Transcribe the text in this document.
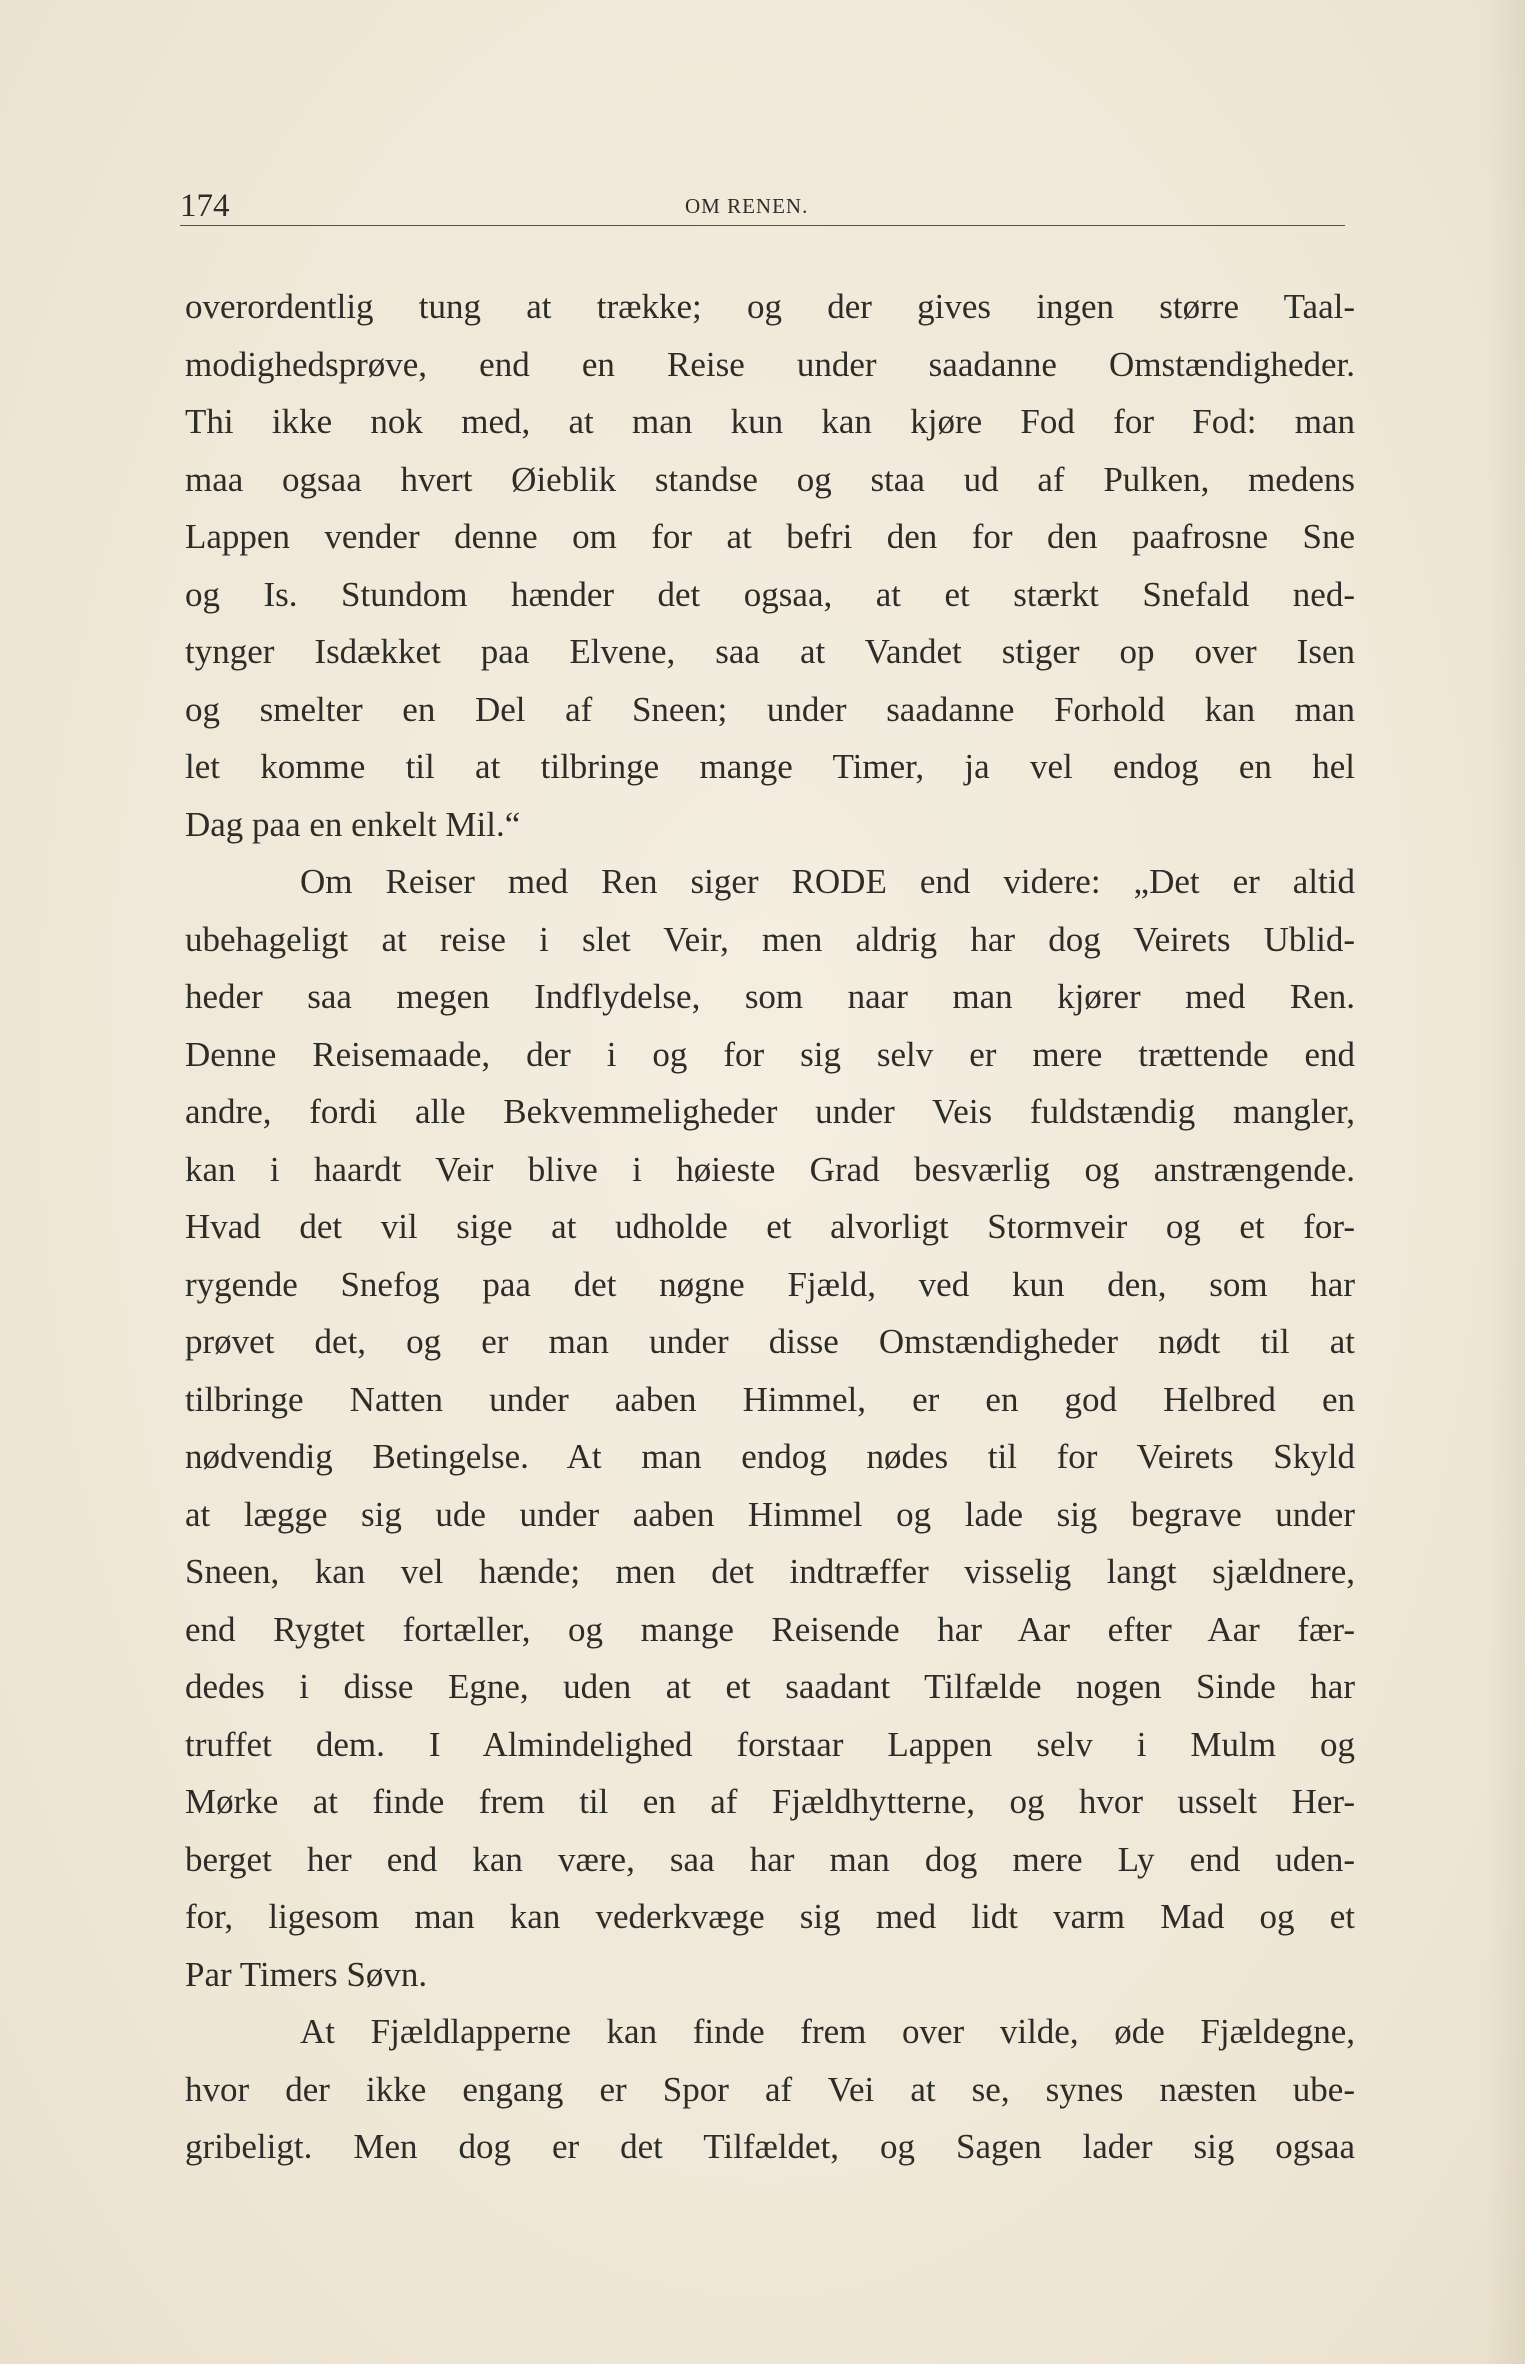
174	OM RENEN.
overordentlig tung at trække; og der gives ingen større Taal-
modighedsprøve, end en Reise under saadanne Omstændigheder.
Thi ikke nok med, at man kun kan kjøre Fod for Fod: man
maa ogsaa hvert Øieblik standse og staa ud af Pulken, medens
Lappen vender denne om for at befri den for den paafrosne Sne
og Is. Stundom hænder det ogsaa, at et stærkt Snefald ned-
tynger Isdækket paa Elvene, saa at Vandet stiger op over Isen
og smelter en Del af Sneen; under saadanne Forhold kan man
let komme til at tilbringe mange Timer, ja vel endog en hel
Dag paa en enkelt Mil.“
Om Reiser med Ren siger RODE end videre: „Det er altid
ubehageligt at reise i slet Veir, men aldrig har dog Veirets Ublid-
heder saa megen Indflydelse, som naar man kjører med Ren.
Denne Reisemaade, der i og for sig selv er mere trættende end
andre, fordi alle Bekvemmeligheder under Veis fuldstændig mangler,
kan i haardt Veir blive i høieste Grad besværlig og anstrængende.
Hvad det vil sige at udholde et alvorligt Stormveir og et for-
rygende Snefog paa det nøgne Fjæld, ved kun den, som har
prøvet det, og er man under disse Omstændigheder nødt til at
tilbringe Natten under aaben Himmel, er en god Helbred en
nødvendig Betingelse. At man endog nødes til for Veirets Skyld
at lægge sig ude under aaben Himmel og lade sig begrave under
Sneen, kan vel hænde; men det indtræffer visselig langt sjældnere,
end Rygtet fortæller, og mange Reisende har Aar efter Aar fær-
dedes i disse Egne, uden at et saadant Tilfælde nogen Sinde har
truffet dem. I Almindelighed forstaar Lappen selv i Mulm og
Mørke at finde frem til en af Fjældhytterne, og hvor usselt Her-
berget her end kan være, saa har man dog mere Ly end uden-
for, ligesom man kan vederkvæge sig med lidt varm Mad og et
Par Timers Søvn.
At Fjældlapperne kan finde frem over vilde, øde Fjældegne,
hvor der ikke engang er Spor af Vei at se, synes næsten ube-
gribeligt. Men dog er det Tilfældet, og Sagen lader sig ogsaa
